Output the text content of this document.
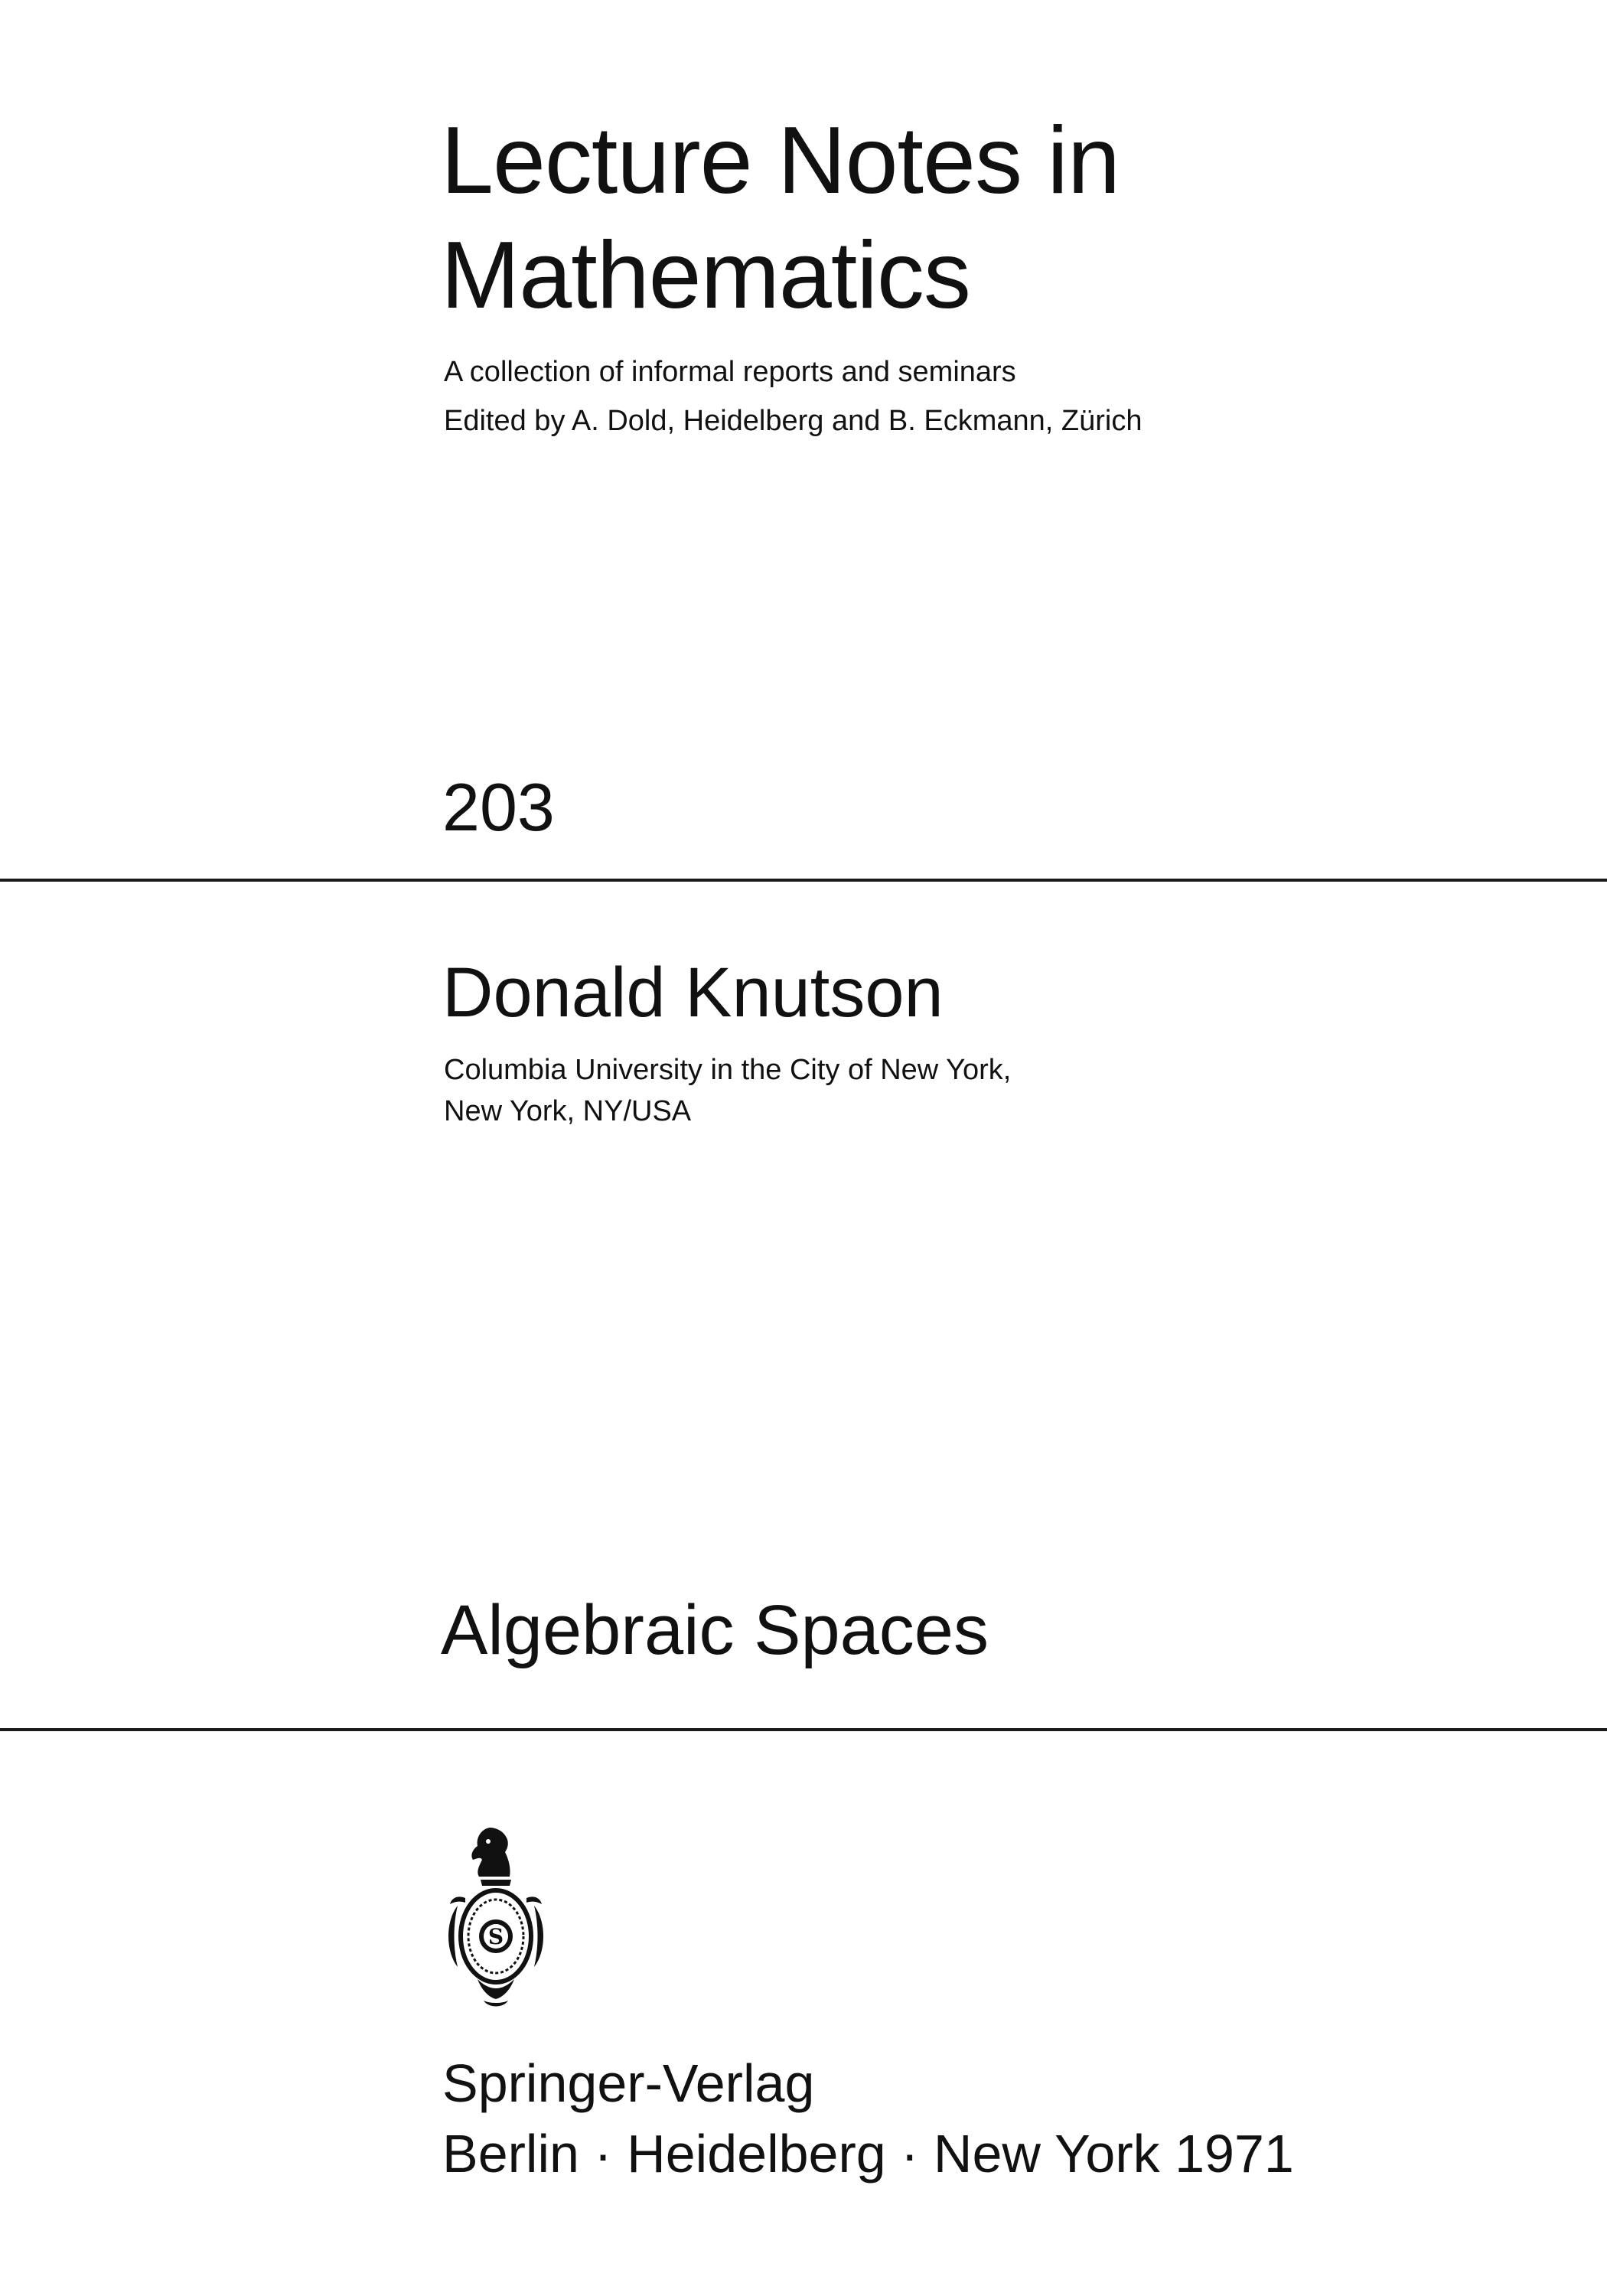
Lecture Notes in
Mathematics
A collection of informal reports and seminars
Edited by A. Dold, Heidelberg and B. Eckmann, Zürich
203
Donald Knutson
Columbia University in the City of New York,
New York, NY/USA
Algebraic Spaces
S
Springer-Verlag
Berlin · Heidelberg · New York 1971
